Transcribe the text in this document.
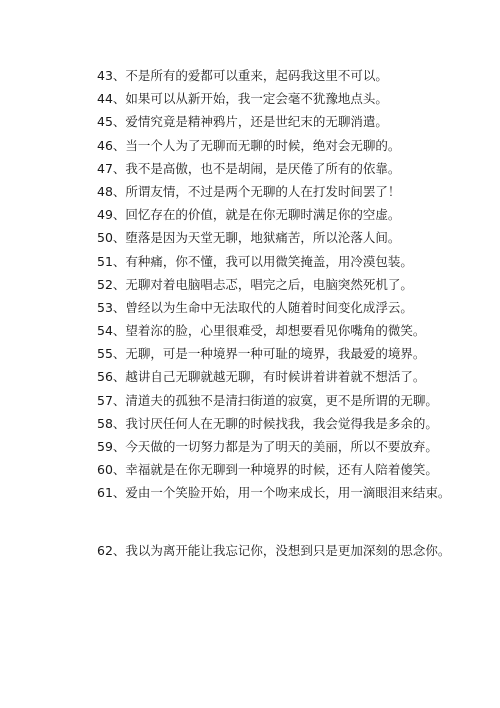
43、不是所有的爱都可以重来，起码我这里不可以。
44、如果可以从新开始，我一定会毫不犹豫地点头。
45、爱情究竟是精神鸦片，还是世纪末的无聊消遣。
46、当一个人为了无聊而无聊的时候，绝对会无聊的。
47、我不是高傲，也不是胡闹，是厌倦了所有的依靠。
48、所谓友情，不过是两个无聊的人在打发时间罢了！
49、回忆存在的价值，就是在你无聊时满足你的空虚。
50、堕落是因为天堂无聊，地狱痛苦，所以沦落人间。
51、有种痛，你不懂，我可以用微笑掩盖，用冷漠包装。
52、无聊对着电脑唱忐忑，唱完之后，电脑突然死机了。
53、曾经以为生命中无法取代的人随着时间变化成浮云。
54、望着沵的脸，心里很难受，却想要看见你嘴角的微笑。
55、无聊，可是一种境界一种可耻的境界，我最爱的境界。
56、越讲自己无聊就越无聊，有时候讲着讲着就不想活了。
57、清道夫的孤独不是清扫街道的寂寞，更不是所谓的无聊。
58、我讨厌任何人在无聊的时候找我，我会觉得我是多余的。
59、今天做的一切努力都是为了明天的美丽，所以不要放弃。
60、幸福就是在你无聊到一种境界的时候，还有人陪着傻笑。
61、爱由一个笑脸开始，用一个吻来成长，用一滴眼泪来结束。
62、我以为离开能让我忘记你，没想到只是更加深刻的思念你。
